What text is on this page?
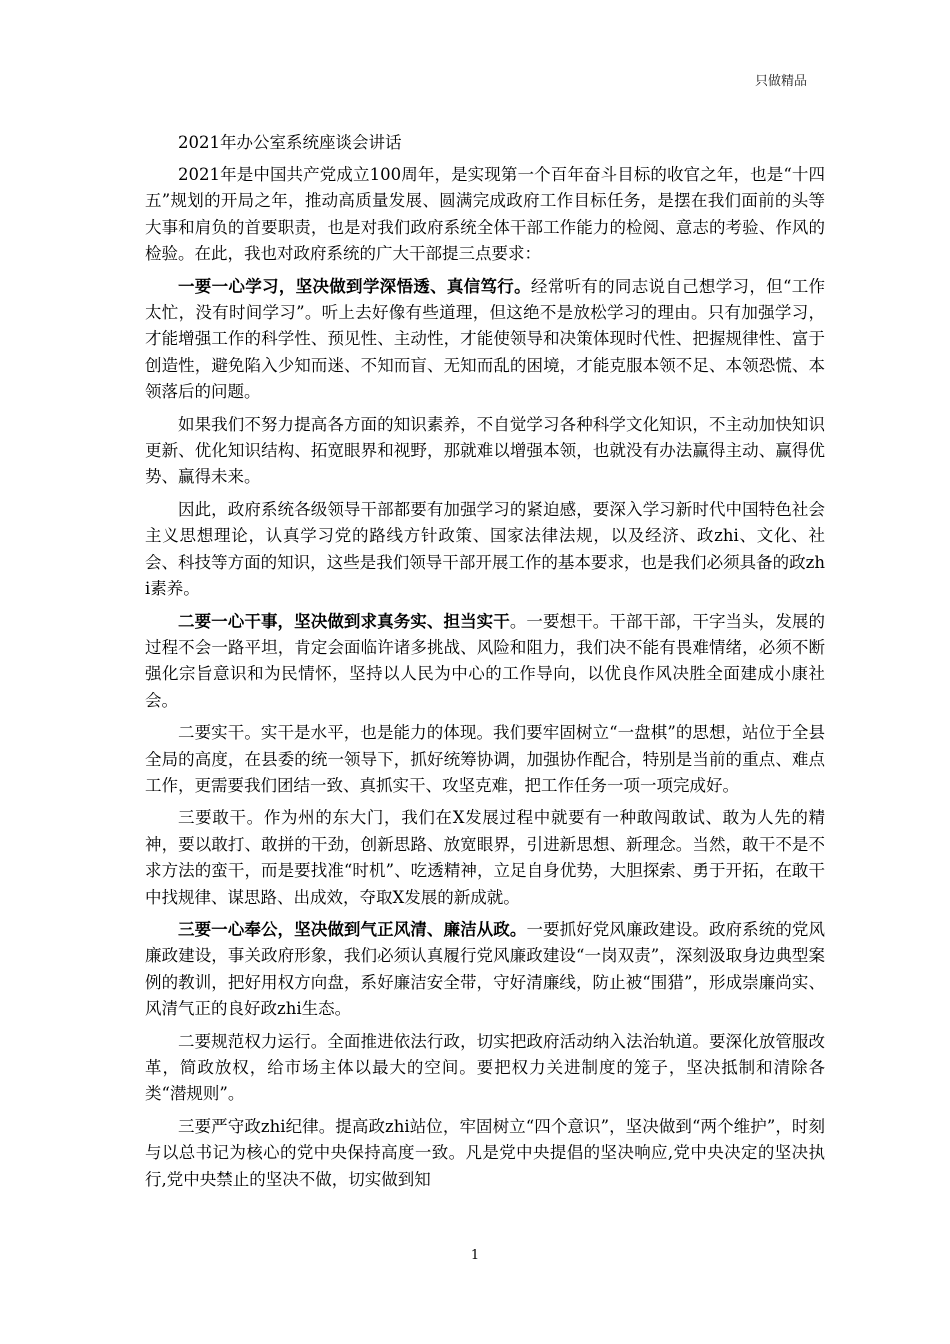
只做精品

2021年办公室系统座谈会讲话

2021年是中国共产党成立100周年，是实现第一个百年奋斗目标的收官之年，也是“十四五”规划的开局之年，推动高质量发展、圆满完成政府工作目标任务，是摆在我们面前的头等大事和肩负的首要职责，也是对我们政府系统全体干部工作能力的检阅、意志的考验、作风的检验。在此，我也对政府系统的广大干部提三点要求：

一要一心学习，坚决做到学深悟透、真信笃行。经常听有的同志说自己想学习，但“工作太忙，没有时间学习”。听上去好像有些道理，但这绝不是放松学习的理由。只有加强学习，才能增强工作的科学性、预见性、主动性，才能使领导和决策体现时代性、把握规律性、富于创造性，避免陷入少知而迷、不知而盲、无知而乱的困境，才能克服本领不足、本领恐慌、本领落后的问题。

如果我们不努力提高各方面的知识素养，不自觉学习各种科学文化知识，不主动加快知识更新、优化知识结构、拓宽眼界和视野，那就难以增强本领，也就没有办法赢得主动、赢得优势、赢得未来。

因此，政府系统各级领导干部都要有加强学习的紧迫感，要深入学习新时代中国特色社会主义思想理论，认真学习党的路线方针政策、国家法律法规，以及经济、政zhi、文化、社会、科技等方面的知识，这些是我们领导干部开展工作的基本要求，也是我们必须具备的政zhi素养。

二要一心干事，坚决做到求真务实、担当实干。一要想干。干部干部，干字当头，发展的过程不会一路平坦，肯定会面临许诸多挑战、风险和阻力，我们决不能有畏难情绪，必须不断强化宗旨意识和为民情怀，坚持以人民为中心的工作导向，以优良作风决胜全面建成小康社会。

二要实干。实干是水平，也是能力的体现。我们要牢固树立“一盘棋”的思想，站位于全县全局的高度，在县委的统一领导下，抓好统筹协调，加强协作配合，特别是当前的重点、难点工作，更需要我们团结一致、真抓实干、攻坚克难，把工作任务一项一项完成好。

三要敢干。作为州的东大门，我们在X发展过程中就要有一种敢闯敢试、敢为人先的精神，要以敢打、敢拼的干劲，创新思路、放宽眼界，引进新思想、新理念。当然，敢干不是不求方法的蛮干，而是要找准“时机”、吃透精神，立足自身优势，大胆探索、勇于开拓，在敢干中找规律、谋思路、出成效，夺取X发展的新成就。

三要一心奉公，坚决做到气正风清、廉洁从政。一要抓好党风廉政建设。政府系统的党风廉政建设，事关政府形象，我们必须认真履行党风廉政建设“一岗双责”，深刻汲取身边典型案例的教训，把好用权方向盘，系好廉洁安全带，守好清廉线，防止被“围猎”，形成崇廉尚实、风清气正的良好政zhi生态。

二要规范权力运行。全面推进依法行政，切实把政府活动纳入法治轨道。要深化放管服改革，简政放权，给市场主体以最大的空间。要把权力关进制度的笼子，坚决抵制和清除各类“潜规则”。

三要严守政zhi纪律。提高政zhi站位，牢固树立“四个意识”，坚决做到“两个维护”，时刻与以总书记为核心的党中央保持高度一致。凡是党中央提倡的坚决响应,党中央决定的坚决执行,党中央禁止的坚决不做，切实做到知

1
